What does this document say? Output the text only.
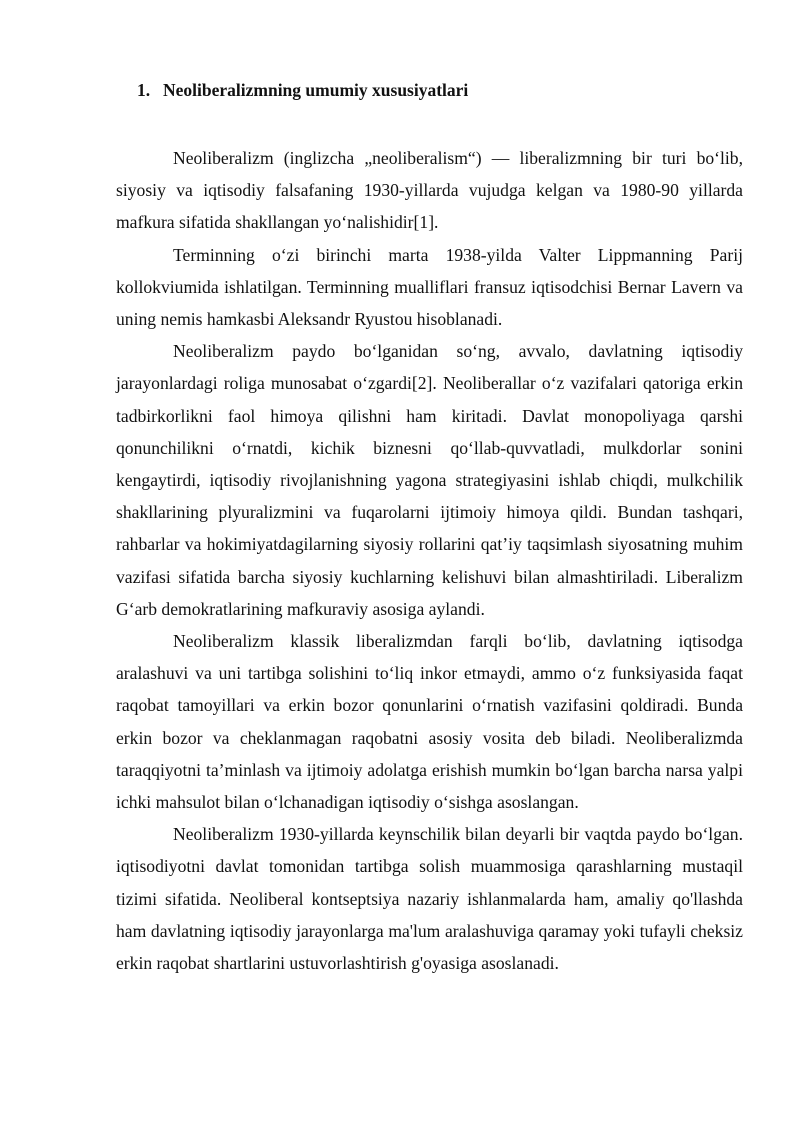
1. Neoliberalizmning umumiy xususiyatlari

Neoliberalizm (inglizcha „neoliberalism“) — liberalizmning bir turi bo‘lib, siyosiy va iqtisodiy falsafaning 1930-yillarda vujudga kelgan va 1980-90 yillarda mafkura sifatida shakllangan yo‘nalishidir[1].

Terminning o‘zi birinchi marta 1938-yilda Valter Lippmanning Parij kollokviumida ishlatilgan. Terminning mualliflari fransuz iqtisodchisi Bernar Lavern va uning nemis hamkasbi Aleksandr Ryustou hisoblanadi.

Neoliberalizm paydo bo‘lganidan so‘ng, avvalo, davlatning iqtisodiy jarayonlardagi roliga munosabat o‘zgardi[2]. Neoliberallar o‘z vazifalari qatoriga erkin tadbirkorlikni faol himoya qilishni ham kiritadi. Davlat monopoliyaga qarshi qonunchilikni o‘rnatdi, kichik biznesni qo‘llab-quvvatladi, mulkdorlar sonini kengaytirdi, iqtisodiy rivojlanishning yagona strategiyasini ishlab chiqdi, mulkchilik shakllarining plyuralizmini va fuqarolarni ijtimoiy himoya qildi. Bundan tashqari, rahbarlar va hokimiyatdagilarning siyosiy rollarini qat’iy taqsimlash siyosatning muhim vazifasi sifatida barcha siyosiy kuchlarning kelishuvi bilan almashtiriladi. Liberalizm G‘arb demokratlarining mafkuraviy asosiga aylandi.

Neoliberalizm klassik liberalizmdan farqli bo‘lib, davlatning iqtisodga aralashuvi va uni tartibga solishini to‘liq inkor etmaydi, ammo o‘z funksiyasida faqat raqobat tamoyillari va erkin bozor qonunlarini o‘rnatish vazifasini qoldiradi. Bunda erkin bozor va cheklanmagan raqobatni asosiy vosita deb biladi. Neoliberalizmda taraqqiyotni ta’minlash va ijtimoiy adolatga erishish mumkin bo‘lgan barcha narsa yalpi ichki mahsulot bilan o‘lchanadigan iqtisodiy o‘sishga asoslangan.

Neoliberalizm 1930-yillarda keynschilik bilan deyarli bir vaqtda paydo bo‘lgan. iqtisodiyotni davlat tomonidan tartibga solish muammosiga qarashlarning mustaqil tizimi sifatida. Neoliberal kontseptsiya nazariy ishlanmalarda ham, amaliy qo'llashda ham davlatning iqtisodiy jarayonlarga ma'lum aralashuviga qaramay yoki tufayli cheksiz erkin raqobat shartlarini ustuvorlashtirish g'oyasiga asoslanadi.
